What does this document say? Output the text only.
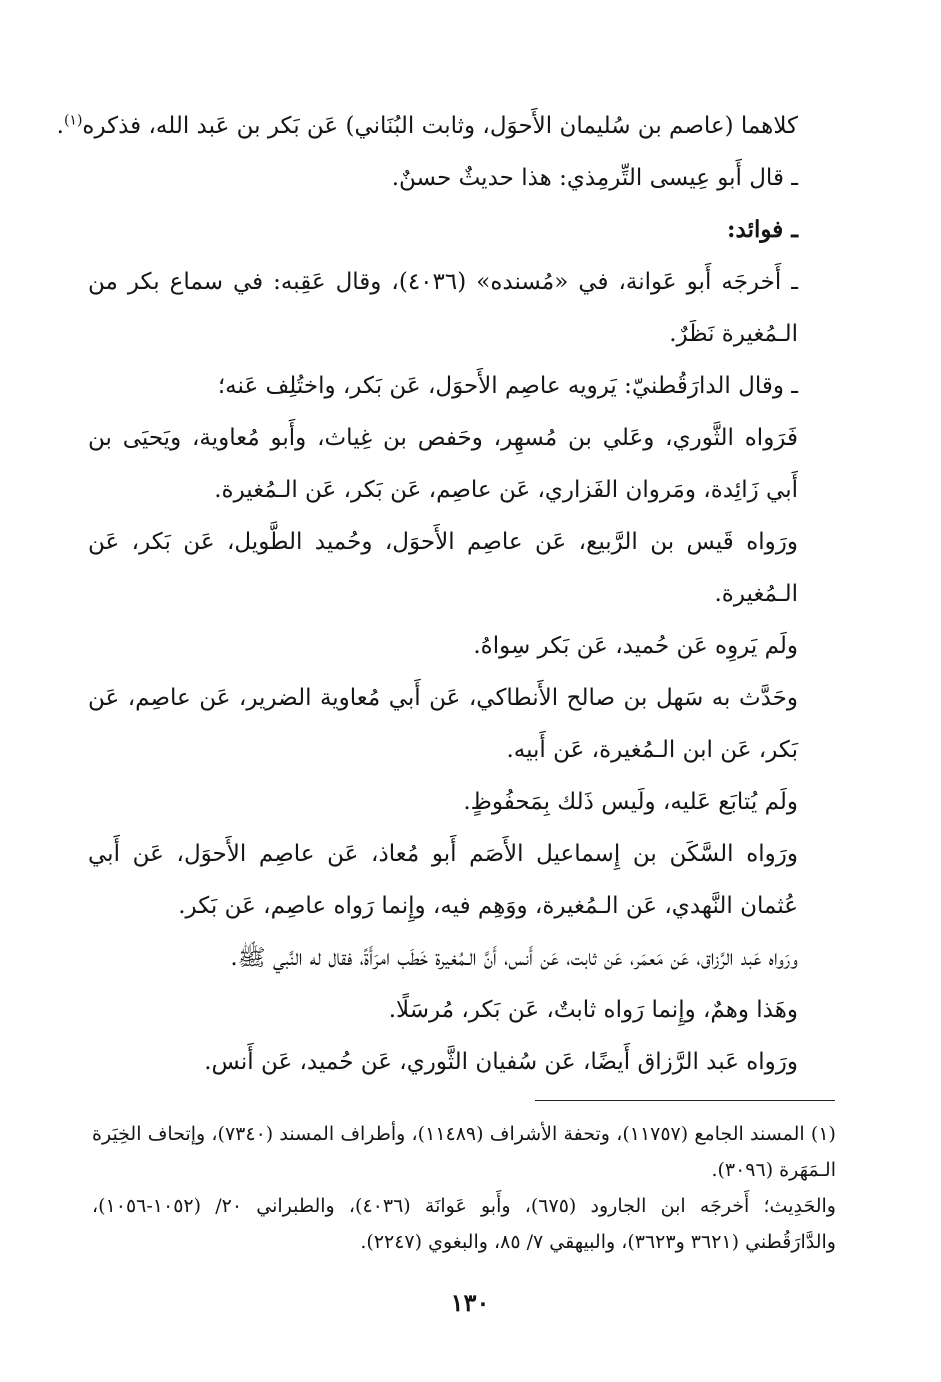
كلاهما (عاصم بن سُليمان الأَحوَل، وثابت البُنَاني) عَن بَكر بن عَبد الله، فذكره$^{(١)}$.

ـ قال أَبو عِيسى التِّرمِذي: هذا حديثٌ حسنٌ.

ـ فوائد:

ـ أَخرجَه أَبو عَوانة، في «مُسنده» (٤٠٣٦)، وقال عَقِبه: في سماع بكر من الـمُغيرة نَظَرٌ.

ـ وقال الدارَقُطنيّ: يَرويه عاصِم الأَحوَل، عَن بَكر، واختُلِف عَنه؛

فَرَواه الثَّوري، وعَلي بن مُسهِر، وحَفص بن غِياث، وأَبو مُعاوية، ويَحيَى بن أَبي زَائِدة، ومَروان الفَزاري، عَن عاصِم، عَن بَكر، عَن الـمُغيرة.

ورَواه قَيس بن الرَّبيع، عَن عاصِم الأَحوَل، وحُميد الطَّويل، عَن بَكر، عَن الـمُغيرة.

ولَم يَروِه عَن حُميد، عَن بَكر سِواهُ.

وحَدَّث به سَهل بن صالح الأَنطاكي، عَن أَبي مُعاوية الضرير، عَن عاصِم، عَن بَكر، عَن ابن الـمُغيرة، عَن أَبيه.

ولَم يُتابَع عَليه، ولَيس ذَلك بِمَحفُوظٍ.

ورَواه السَّكَن بن إِسماعيل الأَصَم أَبو مُعاذ، عَن عاصِم الأَحوَل، عَن أَبي عُثمان النَّهدي، عَن الـمُغيرة، ووَهِم فيه، وإِنما رَواه عاصِم، عَن بَكر.

ورَواه عَبد الرَّزاق، عَن مَعمَر، عَن ثابت، عَن أَنس، أَنَّ الـمُغيرة خَطَب امرَأَةً، فقال له النَّبي ﷺ.

وهَذا وهمٌ، وإِنما رَواه ثابتٌ، عَن بَكر، مُرسَلًا.

ورَواه عَبد الرَّزاق أَيضًا، عَن سُفيان الثَّوري، عَن حُميد، عَن أَنس.

(١) المسند الجامع (١١٧٥٧)، وتحفة الأشراف (١١٤٨٩)، وأطراف المسند (٧٣٤٠)، وإتحاف الخِيَرة الـمَهَرة (٣٠٩٦).

والحَدِيث؛ أَخرجَه ابن الجارود (٦٧٥)، وأَبو عَوانَة (٤٠٣٦)، والطبراني ٢٠/ (١٠٥٢-١٠٥٦)، والدَّارَقُطني (٣٦٢١ و٣٦٢٣)، والبيهقي ٧/ ٨٥، والبغوي (٢٢٤٧).

١٣٠
